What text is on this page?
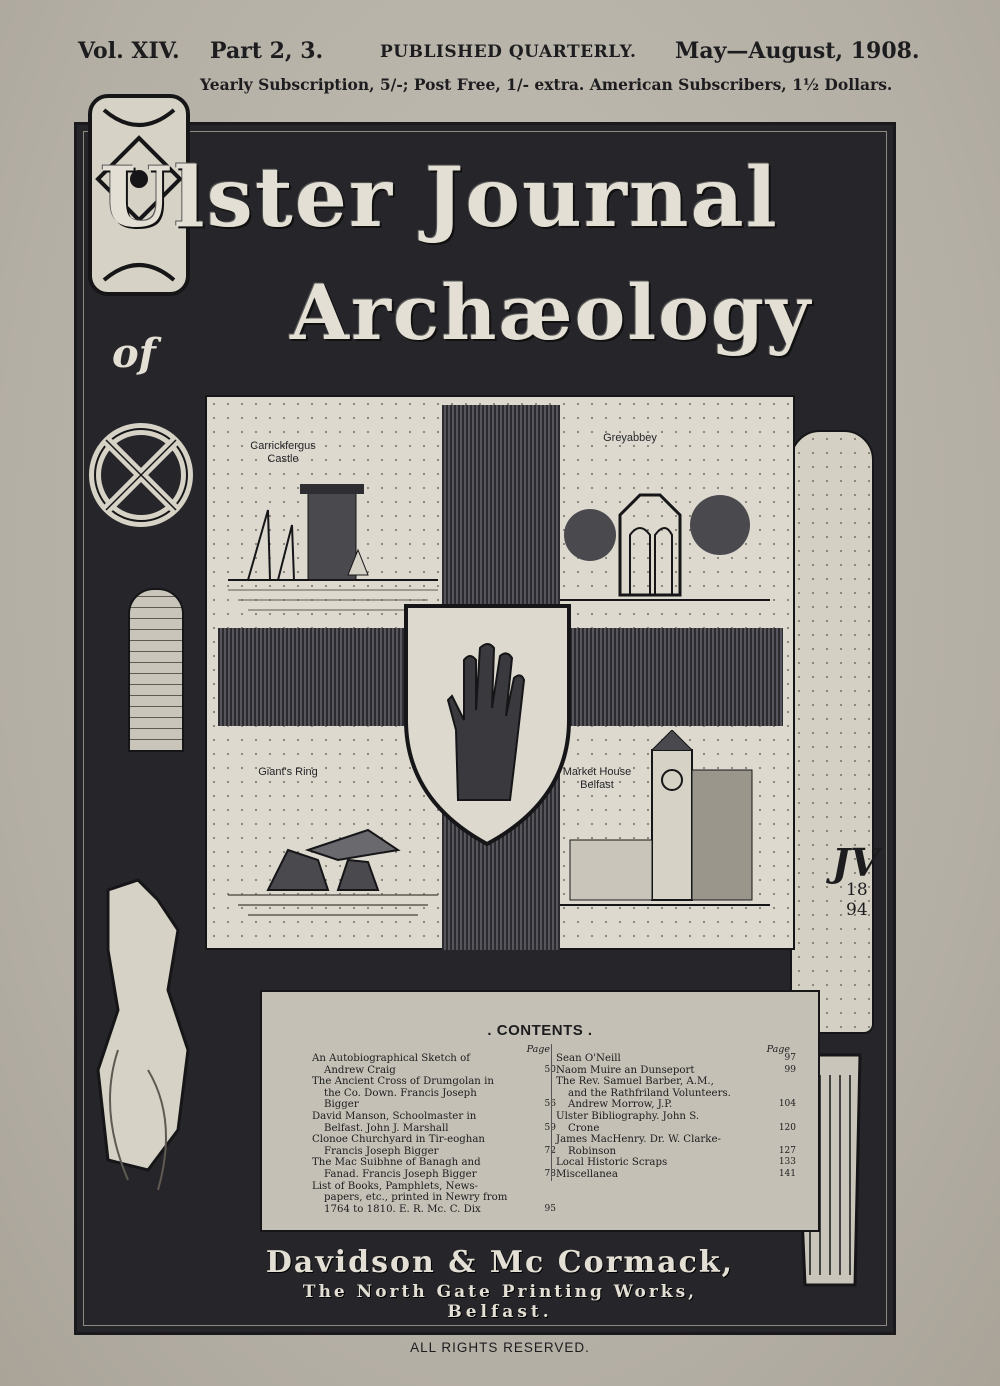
Vol. XIV. Part 2, 3.	PUBLISHED QUARTERLY. May—August, 1908.
Yearly Subscription, 5/-; Post Free, 1/- extra. American Subscribers, 1½ Dollars.
Ulster Journal
of Archæology
Carrickfergus
Castle
Greyabbey
Giant's Ring	Market House
Belfast
JV
18
94
. CONTENTS .
Page
An Autobiographical Sketch of
Andrew Craig	50
The Ancient Cross of Drumgolan in
the Co. Down. Francis Joseph
Bigger	56
David Manson, Schoolmaster in
Belfast. John J. Marshall	59
Clonoe Churchyard in Tir-eoghan
Francis Joseph Bigger	72
The Mac Suibhne of Banagh and
Fanad. Francis Joseph Bigger	78
List of Books, Pamphlets, News-
papers, etc., printed in Newry from
1764 to 1810. E. R. Mc. C. Dix	95
Page
Sean O'Neill	97
Naom Muire an Dunseport	99
The Rev. Samuel Barber, A.M.,
and the Rathfriland Volunteers.
Andrew Morrow, J.P.	104
Ulster Bibliography. John S.
Crone	120
James MacHenry. Dr. W. Clarke-
Robinson	127
Local Historic Scraps	133
Miscellanea	141
Davidson & Mc Cormack,
The North Gate Printing Works,
Belfast.
ALL RIGHTS RESERVED.
